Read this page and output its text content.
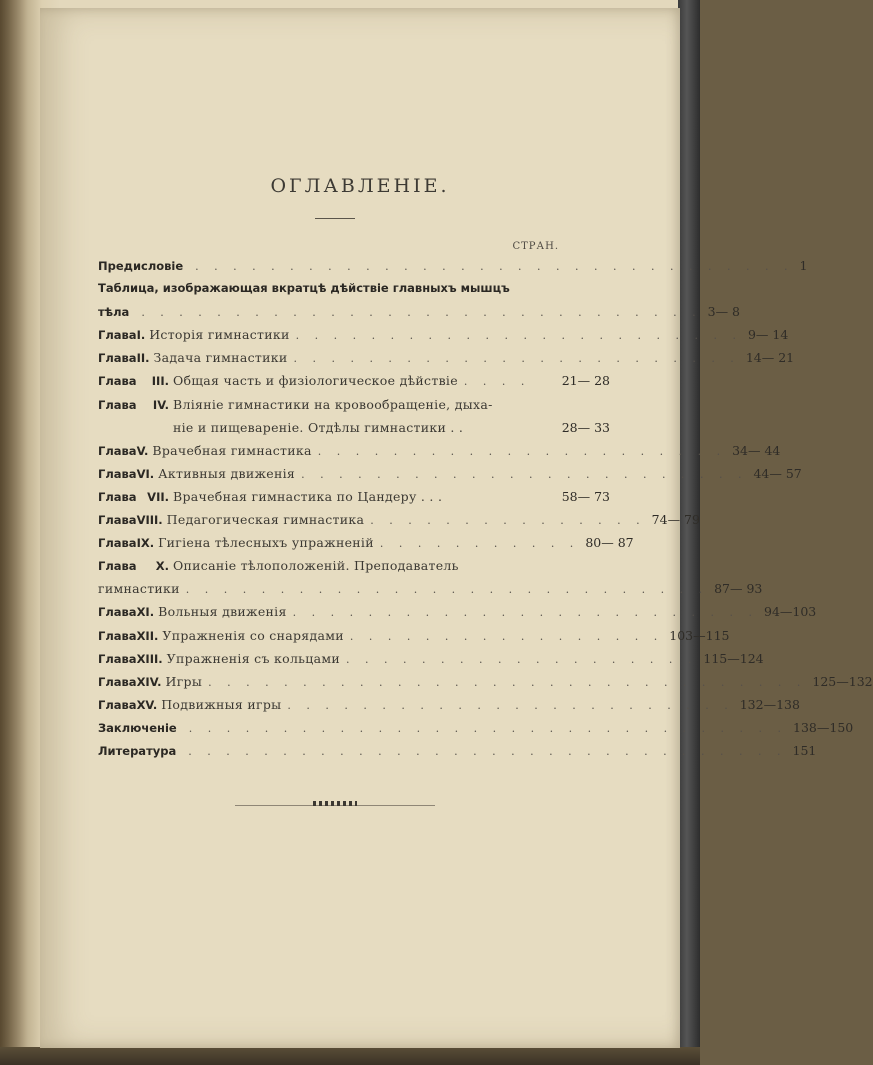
ОГЛАВЛЕНІЕ.
СТРАН.
Предисловіе	. . . . . . . . . . . . . . . . . . . . . . . . . . . . . . . . 1
Таблица, изображающая вкратцѣ дѣйствіе главныхъ мышцъ
тѣла	. . . . . . . . . . . . . . . . . . . . . . . . . . . . . . 3— 8
Глава I. Исторія гимнастики . . . . . . . . . . . . . . . . . . . . . . . . 9— 14
Глава II. Задача гимнастики . . . . . . . . . . . . . . . . . . . . . . . . 14— 21
Глава III. Общая часть и физіологическое дѣйствіе . . . .	21— 28
Глава IV. Вліяніе гимнастики на кровообращеніе, дыха-
ніе и пищевареніе. Отдѣлы гимнастики . .	28— 33
Глава V. Врачебная гимнастика . . . . . . . . . . . . . . . . . . . . . . 34— 44
Глава VI. Активныя движенія . . . . . . . . . . . . . . . . . . . . . . . . 44— 57
Глава VII. Врачебная гимнастика по Цандеру . . .	58— 73
Глава VIII. Педагогическая гимнастика . . . . . . . . . . . . . . . 74— 79
Глава IX. Гигіена тѣлесныхъ упражненій . . . . . . . . . . . 80— 87
Глава X. Описаніе тѣлоположеній. Преподаватель
гимнастики . . . . . . . . . . . . . . . . . . . . . . . . . . . . 87— 93
Глава XI. Вольныя движенія . . . . . . . . . . . . . . . . . . . . . . . . . 94—103
Глава XII. Упражненія со снарядами . . . . . . . . . . . . . . . . . 103—115
Глава XIII. Упражненія съ кольцами . . . . . . . . . . . . . . . . . . . 115—124
Глава XIV. Игры . . . . . . . . . . . . . . . . . . . . . . . . . . . . . . . . 125—132
Глава XV. Подвижныя игры . . . . . . . . . . . . . . . . . . . . . . . . 132—138
Заключеніе	. . . . . . . . . . . . . . . . . . . . . . . . . . . . . . . . 138—150
Литература	. . . . . . . . . . . . . . . . . . . . . . . . . . . . . . . . 151
